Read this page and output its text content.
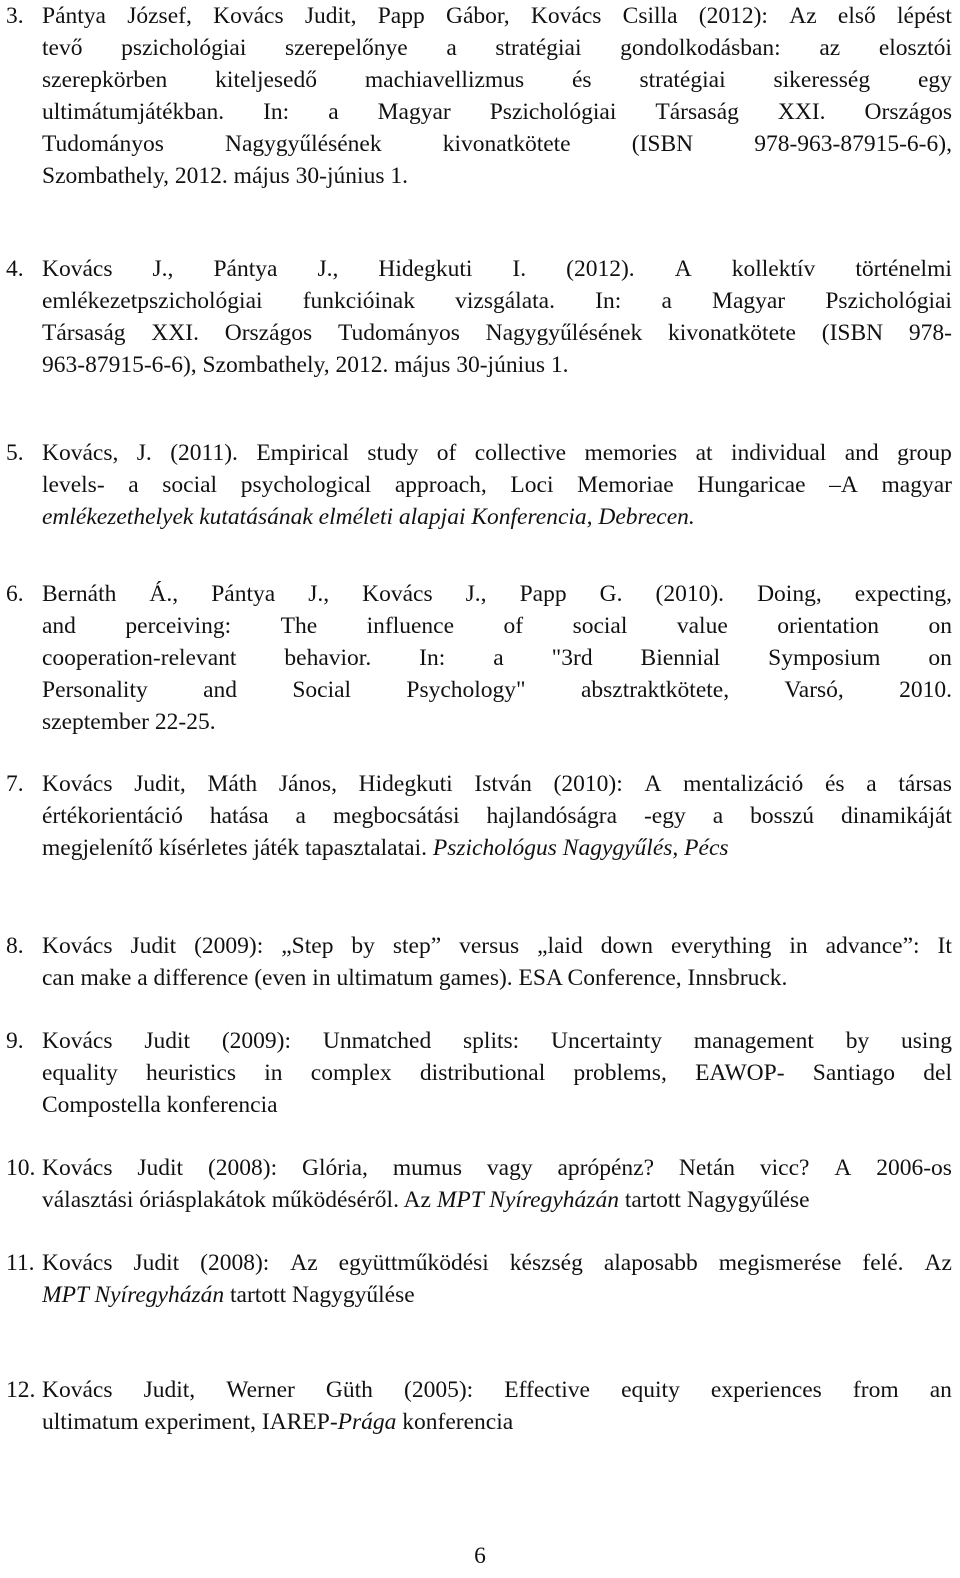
3. Pántya József, Kovács Judit, Papp Gábor, Kovács Csilla (2012): Az első lépést
tevő pszichológiai szerepelőnye a stratégiai gondolkodásban: az elosztói
szerepkörben kiteljesedő machiavellizmus és stratégiai sikeresség egy
ultimátumjátékban. In: a Magyar Pszichológiai Társaság XXI. Országos
Tudományos	Nagygyűlésének	kivonatkötete	(ISBN	978-963-87915-6-6),
Szombathely, 2012. május 30-június 1.
4. Kovács J., Pántya J., Hidegkuti I. (2012). A kollektív történelmi
emlékezetpszichológiai funkcióinak vizsgálata. In: a Magyar Pszichológiai
Társaság XXI. Országos Tudományos Nagygyűlésének kivonatkötete (ISBN 978-
963-87915-6-6), Szombathely, 2012. május 30-június 1.
5. Kovács, J. (2011). Empirical study of collective memories at individual and group
levels- a social psychological approach, Loci Memoriae Hungaricae –A magyar
emlékezethelyek kutatásának elméleti alapjai Konferencia, Debrecen.
6. Bernáth Á., Pántya J., Kovács J., Papp G. (2010). Doing, expecting,
and perceiving: The influence of social value orientation on
cooperation-relevant behavior. In: a "3rd Biennial Symposium on
Personality and Social Psychology" absztraktkötete, Varsó, 2010.
szeptember 22-25.
7. Kovács Judit, Máth János, Hidegkuti István (2010): A mentalizáció és a társas
értékorientáció hatása a megbocsátási hajlandóságra -egy a bosszú dinamikáját
megjelenítő kísérletes játék tapasztalatai. Pszichológus Nagygyűlés, Pécs
8. Kovács Judit (2009): „Step by step” versus „laid down everything in advance”: It
can make a difference (even in ultimatum games). ESA Conference, Innsbruck.
9. Kovács Judit (2009): Unmatched splits: Uncertainty management by using
equality heuristics in complex distributional problems, EAWOP- Santiago del
Compostella konferencia
10. Kovács Judit (2008): Glória, mumus vagy aprópénz? Netán vicc? A 2006-os
választási óriásplakátok működéséről. Az MPT Nyíregyházán tartott Nagygyűlése
11. Kovács Judit (2008): Az együttműködési készség alaposabb megismerése felé. Az
MPT Nyíregyházán tartott Nagygyűlése
12. Kovács Judit, Werner Güth (2005): Effective equity experiences from an
ultimatum experiment, IAREP-Prága konferencia
6
